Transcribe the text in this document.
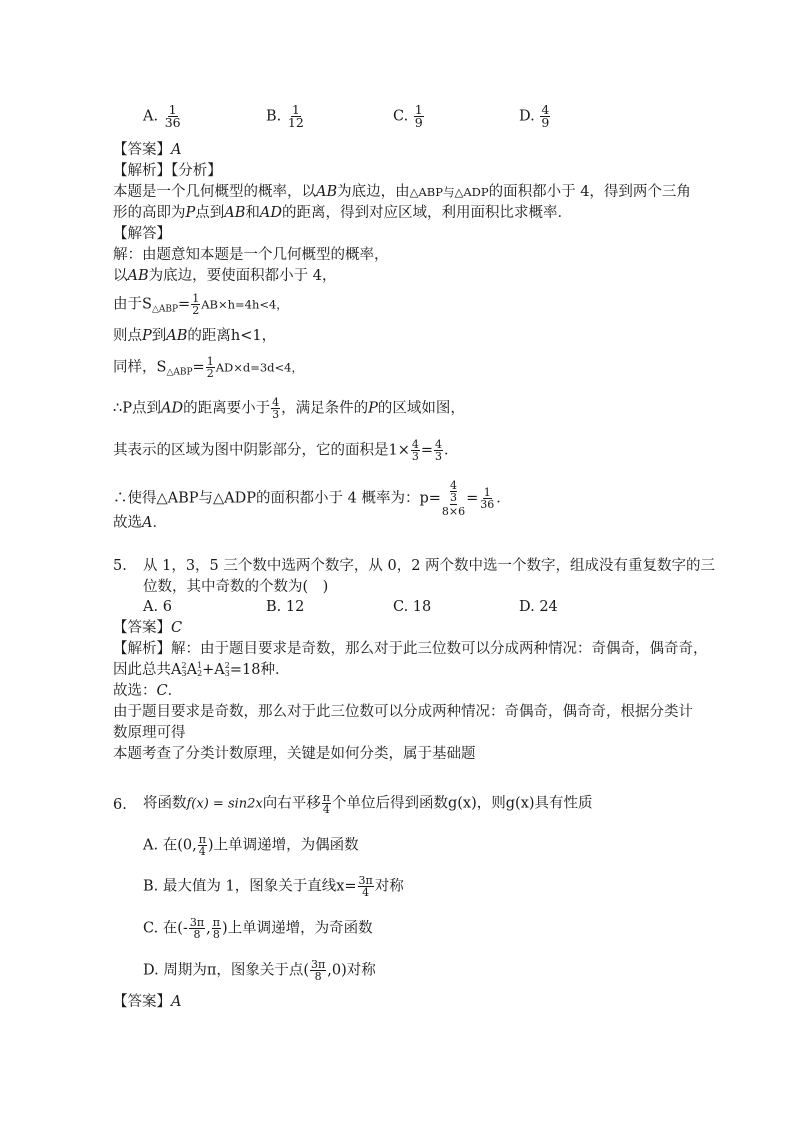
A. $\frac{1}{36}$	B. $\frac{1}{12}$	C. $\frac{1}{9}$	D. $\frac{4}{9}$
【答案】A
【解析】【分析】
本题是一个几何概型的概率，以AB为底边，由△ABP与△ADP的面积都小于 4，得到两个三角
形的高即为P点到AB和AD的距离，得到对应区域，利用面积比求概率．
【解答】
解：由题意知本题是一个几何概型的概率，
以AB为底边，要使面积都小于 4，
由于$S_{\triangle ABP}= \frac{1}{2} AB\times h=4h<4$，
则点P到AB的距离h<1，
同样，$S_{\triangle ABP}= \frac{1}{2} AD\times d=3d<4$，
∴P点到AD的距离要小于 $\frac{4}{3}$ ，满足条件的P的区域如图，
其表示的区域为图中阴影部分，它的面积是$1\times \frac{4}{3} = \frac{4}{3}$ ．
∴使得△ABP与△ADP的面积都小于 4 概率为：p= 4
3
$8\times 6 = \frac{1}{36}$ ．
故选A．
5. 从 1，3，5 三个数中选两个数字，从 0，2 两个数中选一个数字，组成没有重复数字的三
位数，其中奇数的个数为(　)
A. 6	B. 12	C. 18	D. 24
【答案】C
【解析】解：由于题目要求是奇数，那么对于此三位数可以分成两种情况：奇偶奇，偶奇奇，
因此总共A 2
3 A 1
2 +A 2
3 =18种．
故选：C．
由于题目要求是奇数，那么对于此三位数可以分成两种情况：奇偶奇，偶奇奇，根据分类计
数原理可得
本题考查了分类计数原理，关键是如何分类，属于基础题
6. 将函数f(x) = sin2x向右平移 $\frac{\pi}{4}$ 个单位后得到函数g(x)，则g(x)具有性质
A. 在(0, $\frac{\pi}{4}$ )上单调递增，为偶函数
B. 最大值为 1，图象关于直线$x= \frac{3\pi}{4}$ 对称
C. 在(- $\frac{3\pi}{8}$ , $\frac{\pi}{8}$ )上单调递增，为奇函数
D. 周期为π，图象关于点( $\frac{3\pi}{8} ,0$)对称
【答案】A
